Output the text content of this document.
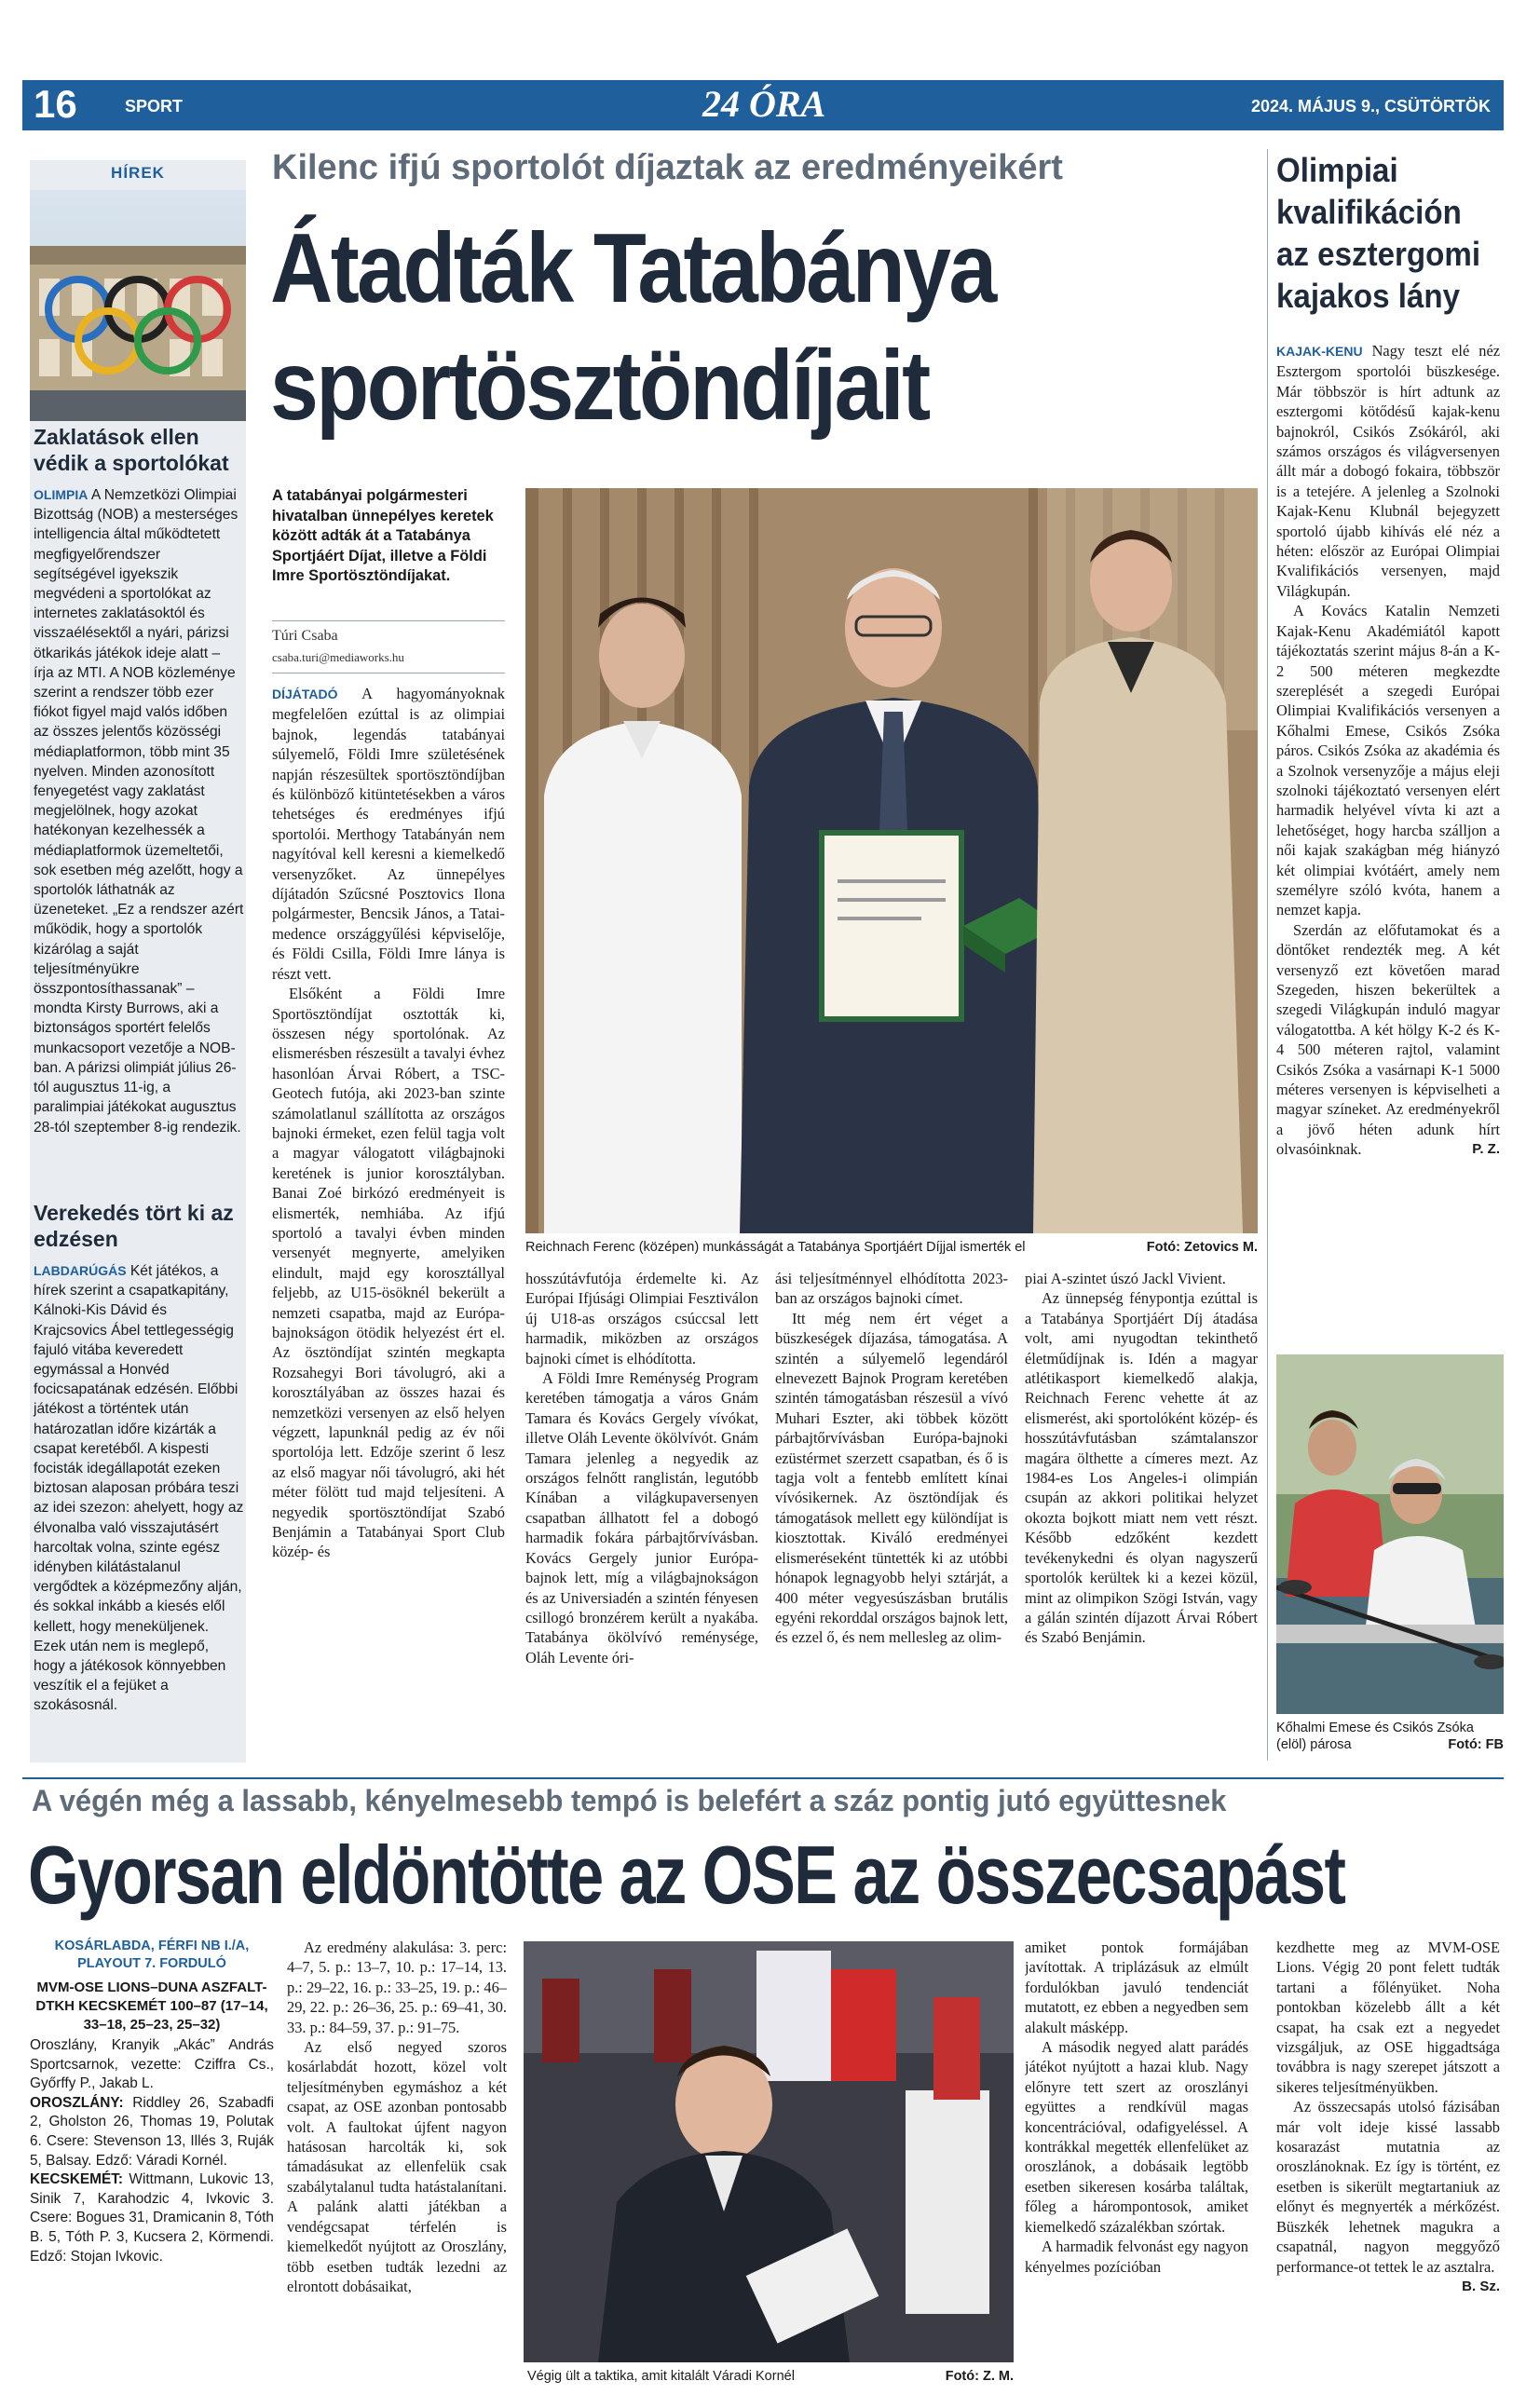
16	SPORT	24 ÓRA	2024. MÁJUS 9., CSÜTÖRTÖK
HÍREK
Zaklatások ellen védik a sportolókat

OLIMPIA A Nemzetközi Olimpiai Bizottság (NOB) a mesterséges intelligencia által működtetett megfigyelőrendszer segítségével igyekszik megvédeni a sportolókat az internetes zaklatásoktól és visszaélésektől a nyári, párizsi ötkarikás játékok ideje alatt – írja az MTI. A NOB közleménye szerint a rendszer több ezer fiókot figyel majd valós időben az összes jelentős közösségi médiaplatformon, több mint 35 nyelven. Minden azonosított fenyegetést vagy zaklatást megjelölnek, hogy azokat hatékonyan kezelhessék a médiaplatformok üzemeltetői, sok esetben még azelőtt, hogy a sportolók láthatnák az üzeneteket. „Ez a rendszer azért működik, hogy a sportolók kizárólag a saját teljesítményükre összpontosíthassanak” – mondta Kirsty Burrows, aki a biztonságos sportért felelős munkacsoport vezetője a NOB-ban. A párizsi olimpiát július 26-tól augusztus 11-ig, a paralimpiai játékokat augusztus 28-tól szeptember 8-ig rendezik.

Verekedés tört ki az edzésen

LABDARÚGÁS Két játékos, a hírek szerint a csapatkapitány, Kálnoki-Kis Dávid és Krajcsovics Ábel tettlegességig fajuló vitába keveredett egymással a Honvéd focicsapatának edzésén. Előbbi játékost a történtek után határozatlan időre kizárták a csapat keretéből. A kispesti focisták idegállapotát ezeken biztosan alaposan próbára teszi az idei szezon: ahelyett, hogy az élvonalba való visszajutásért harcoltak volna, szinte egész idényben kilátástalanul vergődtek a középmezőny alján, és sokkal inkább a kiesés elől kellett, hogy meneküljenek. Ezek után nem is meglepő, hogy a játékosok könnyebben veszítik el a fejüket a szokásosnál.

Kilenc ifjú sportolót díjaztak az eredményeikért
Átadták Tatabánya
sportösztöndíjait
A tatabányai polgármesteri hivatalban ünnepélyes keretek között adták át a Tatabánya Sportjáért Díjat, illetve a Földi Imre Sportösztöndíjakat.
Túri Csaba
csaba.turi@mediaworks.hu

DÍJÁTADÓ A hagyományoknak megfelelően ezúttal is az olimpiai bajnok, legendás tatabányai súlyemelő, Földi Imre születésének napján részesültek sportösztöndíjban és különböző kitüntetésekben a város tehetséges és eredményes ifjú sportolói. Merthogy Tatabányán nem nagyítóval kell keresni a kiemelkedő versenyzőket. Az ünnepélyes díjátadón Szűcsné Posztovics Ilona polgármester, Bencsik János, a Tatai-medence országgyűlési képviselője, és Földi Csilla, Földi Imre lánya is részt vett.

Elsőként a Földi Imre Sportösztöndíjat osztották ki, összesen négy sportolónak. Az elismerésben részesült a tavalyi évhez hasonlóan Árvai Róbert, a TSC-Geotech futója, aki 2023-ban szinte számolatlanul szállította az országos bajnoki érmeket, ezen felül tagja volt a magyar válogatott világbajnoki keretének is junior korosztályban. Banai Zoé birkózó eredményeit is elismerték, nemhiába. Az ifjú sportoló a tavalyi évben minden versenyét megnyerte, amelyiken elindult, majd egy korosztállyal feljebb, az U15-ösöknél bekerült a nemzeti csapatba, majd az Európa-bajnokságon ötödik helyezést ért el. Az ösztöndíjat szintén megkapta Rozsahegyi Bori távolugró, aki a korosztályában az összes hazai és nemzetközi versenyen az első helyen végzett, lapunknál pedig az év női sportolója lett. Edzője szerint ő lesz az első magyar női távolugró, aki hét méter fölött tud majd teljesíteni. A negyedik sportösztöndíjat Szabó Benjámin a Tatabányai Sport Club közép- és

Reichnach Ferenc (középen) munkásságát a Tatabánya Sportjáért Díjjal ismerték el	Fotó: Zetovics M.

hosszútávfutója érdemelte ki. Az Európai Ifjúsági Olimpiai Fesztiválon új U18-as országos csúccsal lett harmadik, miközben az országos bajnoki címet is elhódította.

A Földi Imre Reménység Program keretében támogatja a város Gnám Tamara és Kovács Gergely vívókat, illetve Oláh Levente ökölvívót. Gnám Tamara jelenleg a negyedik az országos felnőtt ranglistán, legutóbb Kínában a világkupaversenyen csapatban állhatott fel a dobogó harmadik fokára párbajtőrvívásban. Kovács Gergely junior Európa-bajnok lett, míg a világbajnokságon és az Universiadén a szintén fényesen csillogó bronzérem került a nyakába. Tatabánya ökölvívó reménysége, Oláh Levente óri-

ási teljesítménnyel elhódította 2023-ban az országos bajnoki címet.

Itt még nem ért véget a büszkeségek díjazása, támogatása. A szintén a súlyemelő legendáról elnevezett Bajnok Program keretében szintén támogatásban részesül a vívó Muhari Eszter, aki többek között párbajtőrvívásban Európa-bajnoki ezüstérmet szerzett csapatban, és ő is tagja volt a fentebb említett kínai vívósikernek. Az ösztöndíjak és támogatások mellett egy különdíjat is kiosztottak. Kiváló eredményei elismeréseként tüntették ki az utóbbi hónapok legnagyobb helyi sztárját, a 400 méter vegyesúszásban brutális egyéni rekorddal országos bajnok lett, és ezzel ő, és nem mellesleg az olim-

piai A-szintet úszó Jackl Vivient.

Az ünnepség fénypontja ezúttal is a Tatabánya Sportjáért Díj átadása volt, ami nyugodtan tekinthető életműdíjnak is. Idén a magyar atlétikasport kiemelkedő alakja, Reichnach Ferenc vehette át az elismerést, aki sportolóként közép- és hosszútávfutásban számtalanszor magára ölthette a címeres mezt. Az 1984-es Los Angeles-i olimpián csupán az akkori politikai helyzet okozta bojkott miatt nem vett részt. Később edzőként kezdett tevékenykedni és olyan nagyszerű sportolók kerültek ki a kezei közül, mint az olimpikon Szögi István, vagy a gálán szintén díjazott Árvai Róbert és Szabó Benjámin.

Olimpiai kvalifikáción az esztergomi kajakos lány

KAJAK-KENU Nagy teszt elé néz Esztergom sportolói büszkesége. Már többször is hírt adtunk az esztergomi kötődésű kajak-kenu bajnokról, Csikós Zsókáról, aki számos országos és világversenyen állt már a dobogó fokaira, többször is a tetejére. A jelenleg a Szolnoki Kajak-Kenu Klubnál bejegyzett sportoló újabb kihívás elé néz a héten: először az Európai Olimpiai Kvalifikációs versenyen, majd Világkupán.

A Kovács Katalin Nemzeti Kajak-Kenu Akadémiától kapott tájékoztatás szerint május 8-án a K-2 500 méteren megkezdte szereplését a szegedi Európai Olimpiai Kvalifikációs versenyen a Kőhalmi Emese, Csikós Zsóka páros. Csikós Zsóka az akadémia és a Szolnok versenyzője a május eleji szolnoki tájékoztató versenyen elért harmadik helyével vívta ki azt a lehetőséget, hogy harcba szálljon a női kajak szakágban még hiányzó két olimpiai kvótáért, amely nem személyre szóló kvóta, hanem a nemzet kapja.

Szerdán az előfutamokat és a döntőket rendezték meg. A két versenyző ezt követően marad Szegeden, hiszen bekerültek a szegedi Világkupán induló magyar válogatottba. A két hölgy K-2 és K-4 500 méteren rajtol, valamint Csikós Zsóka a vasárnapi K-1 5000 méteres versenyen is képviselheti a magyar színeket. Az eredményekről a jövő héten adunk hírt olvasóinknak.	P. Z.

Kőhalmi Emese és Csikós Zsóka (elöl) párosa	Fotó: FB
A végén még a lassabb, kényelmesebb tempó is belefért a száz pontig jutó együttesnek
Gyorsan eldöntötte az OSE az összecsapást
KOSÁRLABDA, FÉRFI NB I./A,
PLAYOUT 7. FORDULÓ
MVM-OSE LIONS–DUNA ASZFALT-DTKH KECSKEMÉT 100–87 (17–14, 33–18, 25–23, 25–32)

Oroszlány, Kranyik „Akác” András Sportcsarnok, vezette: Cziffra Cs., Győrffy P., Jakab L.

OROSZLÁNY: Riddley 26, Szabadfi 2, Gholston 26, Thomas 19, Polutak 6. Csere: Stevenson 13, Illés 3, Ruják 5, Balsay. Edző: Váradi Kornél.

KECSKEMÉT: Wittmann, Lukovic 13, Sinik 7, Karahodzic 4, Ivkovic 3. Csere: Bogues 31, Dramicanin 8, Tóth B. 5, Tóth P. 3, Kucsera 2, Körmendi. Edző: Stojan Ivkovic.

Az eredmény alakulása: 3. perc: 4–7, 5. p.: 13–7, 10. p.: 17–14, 13. p.: 29–22, 16. p.: 33–25, 19. p.: 46–29, 22. p.: 26–36, 25. p.: 69–41, 30. 33. p.: 84–59, 37. p.: 91–75.

Az első negyed szoros kosárlabdát hozott, közel volt teljesítményben egymáshoz a két csapat, az OSE azonban pontosabb volt. A faultokat újfent nagyon hatásosan harcolták ki, sok támadásukat az ellenfelük csak szabálytalanul tudta hatástalanítani. A palánk alatti játékban a vendégcsapat térfelén is kiemelkedőt nyújtott az Oroszlány, több esetben tudták lezedni az elrontott dobásaikat,

Végig ült a taktika, amit kitalált Váradi Kornél	Fotó: Z. M.

amiket pontok formájában javítottak. A triplázásuk az elmúlt fordulókban javuló tendenciát mutatott, ez ebben a negyedben sem alakult másképp.

A második negyed alatt parádés játékot nyújtott a hazai klub. Nagy előnyre tett szert az oroszlányi együttes a rendkívül magas koncentrációval, odafigyeléssel. A kontrákkal megették ellenfelüket az oroszlánok, a dobásaik legtöbb esetben sikeresen kosárba találtak, főleg a hárompontosok, amiket kiemelkedő százalékban szórtak.

A harmadik felvonást egy nagyon kényelmes pozícióban

kezdhette meg az MVM-OSE Lions. Végig 20 pont felett tudták tartani a főlényüket. Noha pontokban közelebb állt a két csapat, ha csak ezt a negyedet vizsgáljuk, az OSE higgadtsága továbbra is nagy szerepet játszott a sikeres teljesítményükben.

Az összecsapás utolsó fázisában már volt ideje kissé lassabb kosarazást mutatnia az oroszlánoknak. Ez így is történt, ez esetben is sikerült megtartaniuk az előnyt és megnyerték a mérkőzést. Büszkék lehetnek magukra a csapatnál, nagyon meggyőző performance-ot tettek le az asztalra.
B. Sz.
